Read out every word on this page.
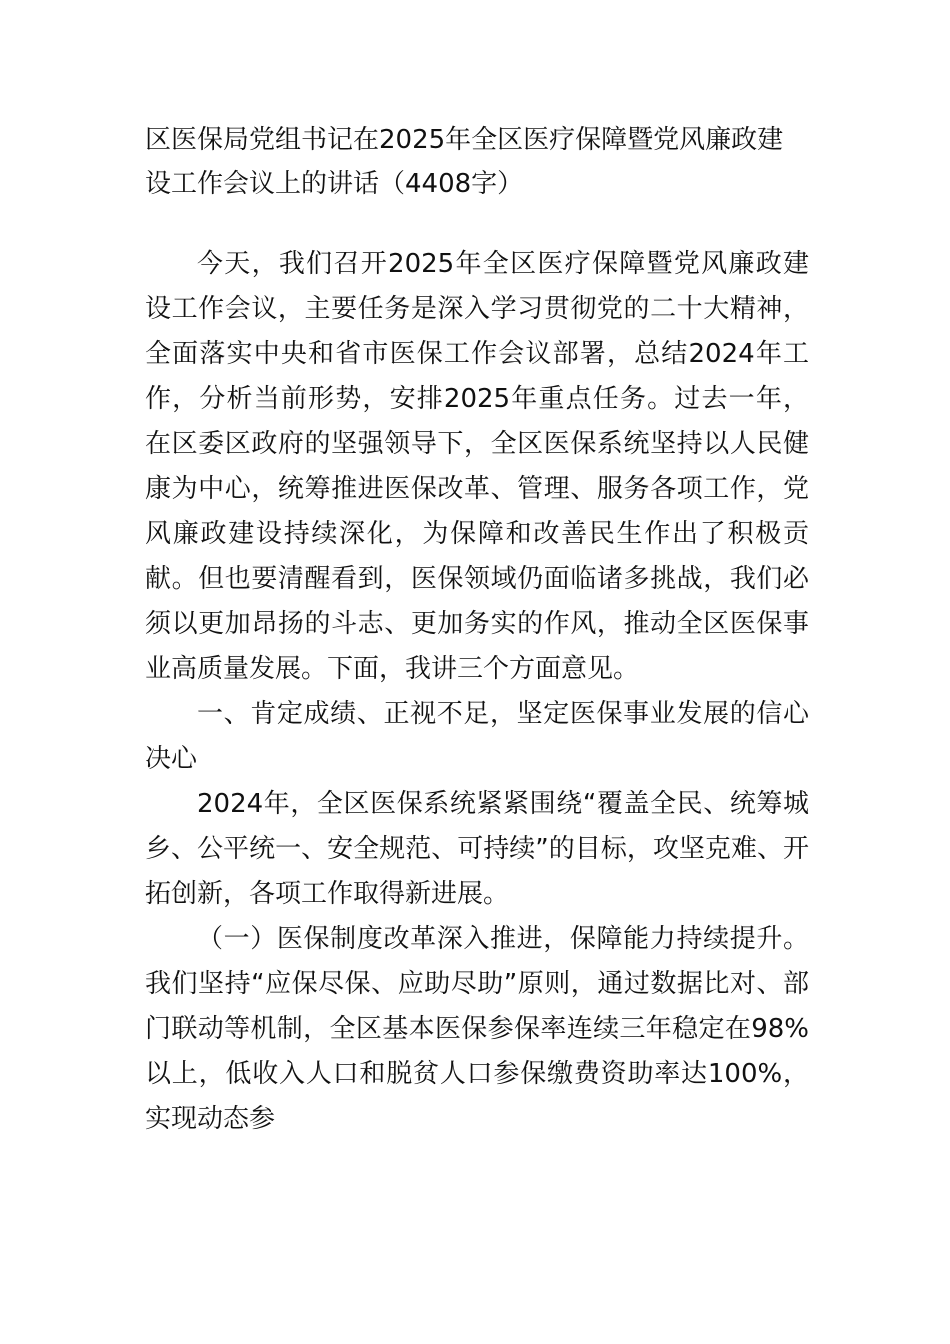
区医保局党组书记在2025年全区医疗保障暨党风廉政建设工作会议上的讲话（4408字）

今天，我们召开2025年全区医疗保障暨党风廉政建设工作会议，主要任务是深入学习贯彻党的二十大精神，全面落实中央和省市医保工作会议部署，总结2024年工作，分析当前形势，安排2025年重点任务。过去一年，在区委区政府的坚强领导下，全区医保系统坚持以人民健康为中心，统筹推进医保改革、管理、服务各项工作，党风廉政建设持续深化，为保障和改善民生作出了积极贡献。但也要清醒看到，医保领域仍面临诸多挑战，我们必须以更加昂扬的斗志、更加务实的作风，推动全区医保事业高质量发展。下面，我讲三个方面意见。

一、肯定成绩、正视不足，坚定医保事业发展的信心决心

2024年，全区医保系统紧紧围绕“覆盖全民、统筹城乡、公平统一、安全规范、可持续”的目标，攻坚克难、开拓创新，各项工作取得新进展。

（一）医保制度改革深入推进，保障能力持续提升。我们坚持“应保尽保、应助尽助”原则，通过数据比对、部门联动等机制，全区基本医保参保率连续三年稳定在98%以上，低收入人口和脱贫人口参保缴费资助率达100%，实现动态参
